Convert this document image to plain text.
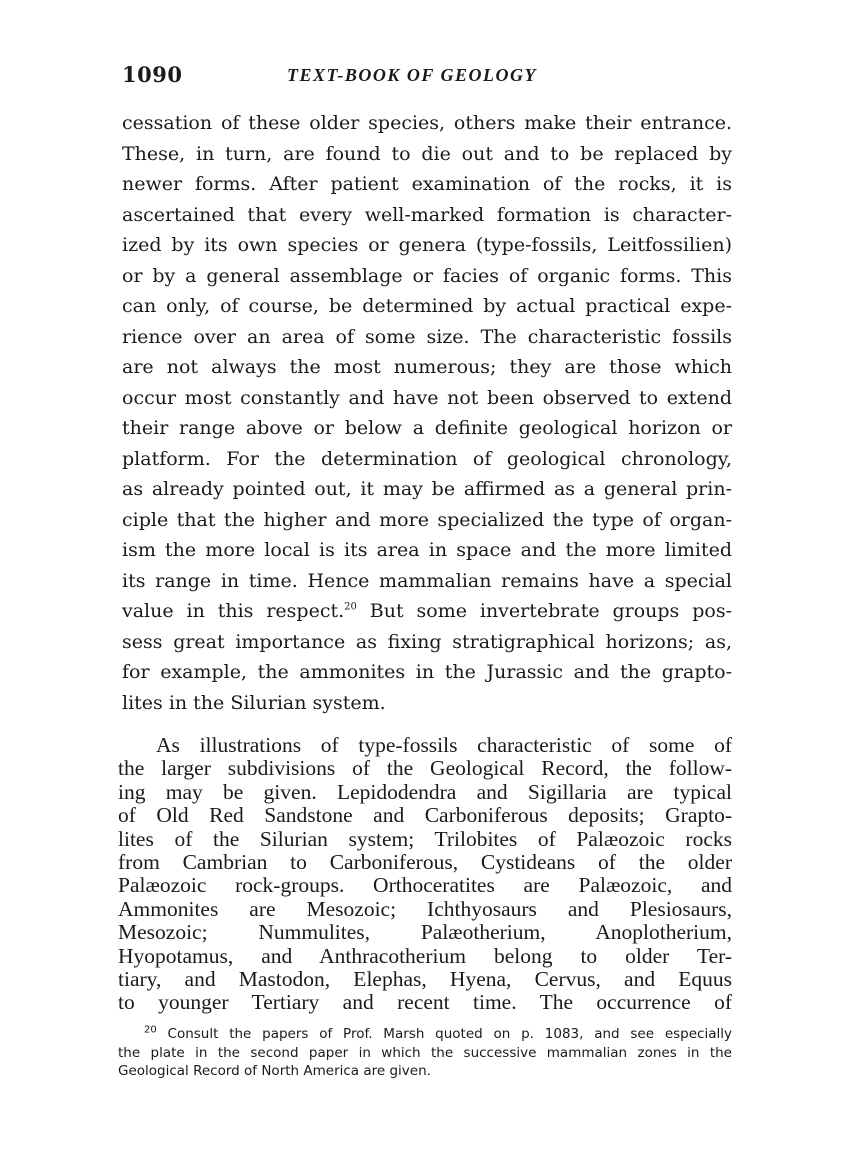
1090	TEXT-BOOK OF GEOLOGY

cessation of these older species, others make their entrance.
These, in turn, are found to die out and to be replaced by
newer forms. After patient examination of the rocks, it is
ascertained that every well-marked formation is character-
ized by its own species or genera (type-fossils, Leitfossilien)
or by a general assemblage or facies of organic forms. This
can only, of course, be determined by actual practical expe-
rience over an area of some size. The characteristic fossils
are not always the most numerous; they are those which
occur most constantly and have not been observed to extend
their range above or below a definite geological horizon or
platform. For the determination of geological chronology,
as already pointed out, it may be affirmed as a general prin-
ciple that the higher and more specialized the type of organ-
ism the more local is its area in space and the more limited
its range in time. Hence mammalian remains have a special
value in this respect.$^{20}$ But some invertebrate groups pos-
sess great importance as fixing stratigraphical horizons; as,
for example, the ammonites in the Jurassic and the grapto-
lites in the Silurian system.

As illustrations of type-fossils characteristic of some of
the larger subdivisions of the Geological Record, the follow-
ing may be given. Lepidodendra and Sigillaria are typical
of Old Red Sandstone and Carboniferous deposits; Grapto-
lites of the Silurian system; Trilobites of Palæozoic rocks
from Cambrian to Carboniferous, Cystideans of the older
Palæozoic rock-groups. Orthoceratites are Palæozoic, and
Ammonites are Mesozoic; Ichthyosaurs and Plesiosaurs,
Mesozoic; Nummulites, Palæotherium, Anoplotherium,
Hyopotamus, and Anthracotherium belong to older Ter-
tiary, and Mastodon, Elephas, Hyena, Cervus, and Equus
to younger Tertiary and recent time. The occurrence of

$^{20}$ Consult the papers of Prof. Marsh quoted on p. 1083, and see especially
the plate in the second paper in which the successive mammalian zones in the
Geological Record of North America are given.
